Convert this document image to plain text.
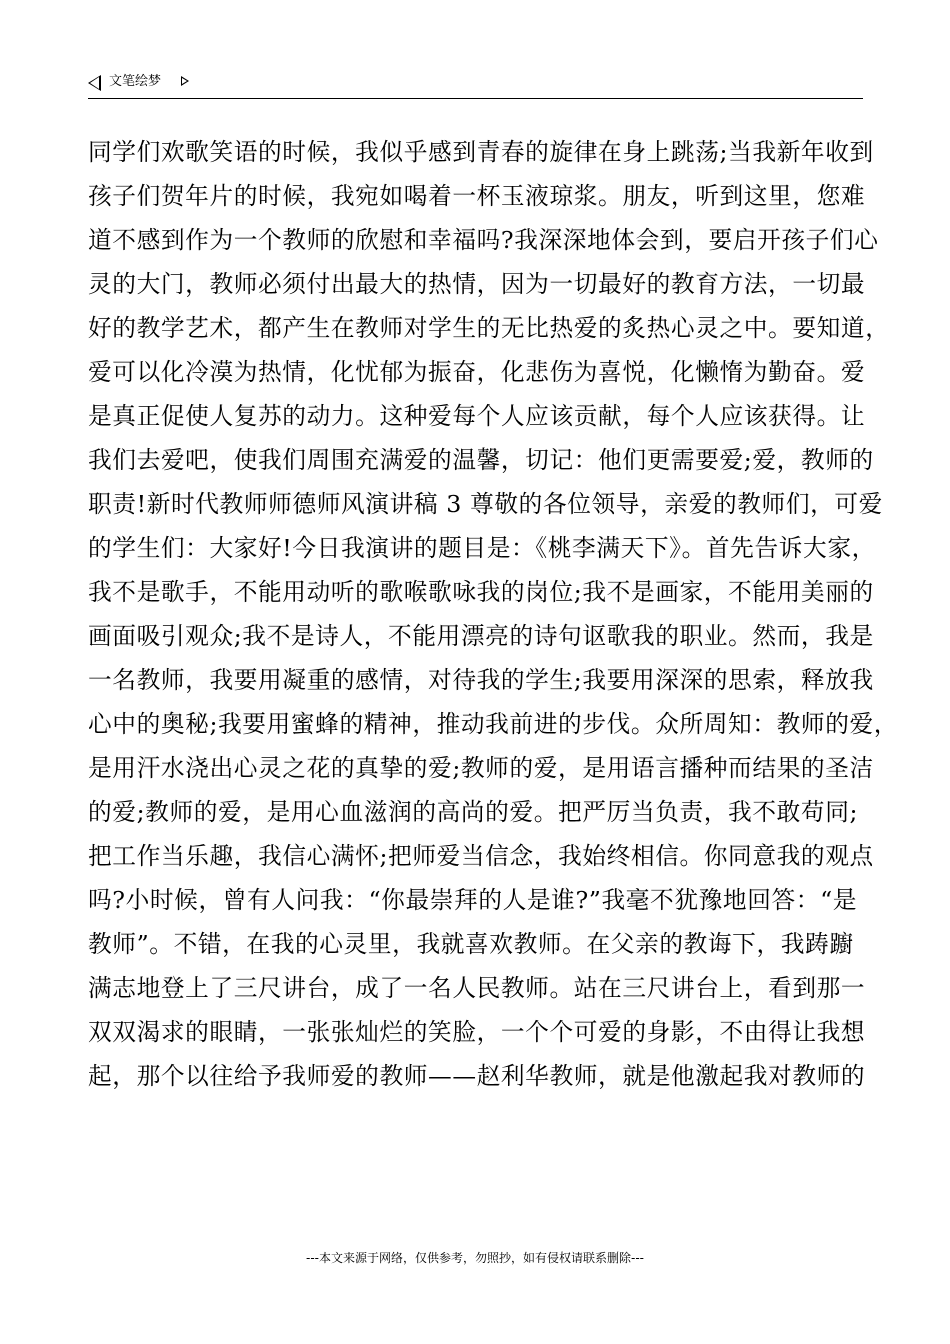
文笔绘梦
同学们欢歌笑语的时候，我似乎感到青春的旋律在身上跳荡;当我新年收到
孩子们贺年片的时候，我宛如喝着一杯玉液琼浆。朋友，听到这里，您难
道不感到作为一个教师的欣慰和幸福吗?我深深地体会到，要启开孩子们心
灵的大门，教师必须付出最大的热情，因为一切最好的教育方法，一切最
好的教学艺术，都产生在教师对学生的无比热爱的炙热心灵之中。要知道，
爱可以化冷漠为热情，化忧郁为振奋，化悲伤为喜悦，化懒惰为勤奋。爱
是真正促使人复苏的动力。这种爱每个人应该贡献，每个人应该获得。让
我们去爱吧，使我们周围充满爱的温馨，切记：他们更需要爱;爱，教师的
职责!新时代教师师德师风演讲稿 3 尊敬的各位领导，亲爱的教师们，可爱
的学生们：大家好!今日我演讲的题目是：《桃李满天下》。首先告诉大家，
我不是歌手，不能用动听的歌喉歌咏我的岗位;我不是画家，不能用美丽的
画面吸引观众;我不是诗人，不能用漂亮的诗句讴歌我的职业。然而，我是
一名教师，我要用凝重的感情，对待我的学生;我要用深深的思索，释放我
心中的奥秘;我要用蜜蜂的精神，推动我前进的步伐。众所周知：教师的爱，
是用汗水浇出心灵之花的真挚的爱;教师的爱，是用语言播种而结果的圣洁
的爱;教师的爱，是用心血滋润的高尚的爱。把严厉当负责，我不敢苟同;
把工作当乐趣，我信心满怀;把师爱当信念，我始终相信。你同意我的观点
吗?小时候，曾有人问我：“你最崇拜的人是谁?”我毫不犹豫地回答：“是
教师”。不错，在我的心灵里，我就喜欢教师。在父亲的教诲下，我踌躕
满志地登上了三尺讲台，成了一名人民教师。站在三尺讲台上，看到那一
双双渴求的眼睛，一张张灿烂的笑脸，一个个可爱的身影，不由得让我想
起，那个以往给予我师爱的教师——赵利华教师，就是他激起我对教师的
---本文来源于网络，仅供参考，勿照抄，如有侵权请联系删除---
